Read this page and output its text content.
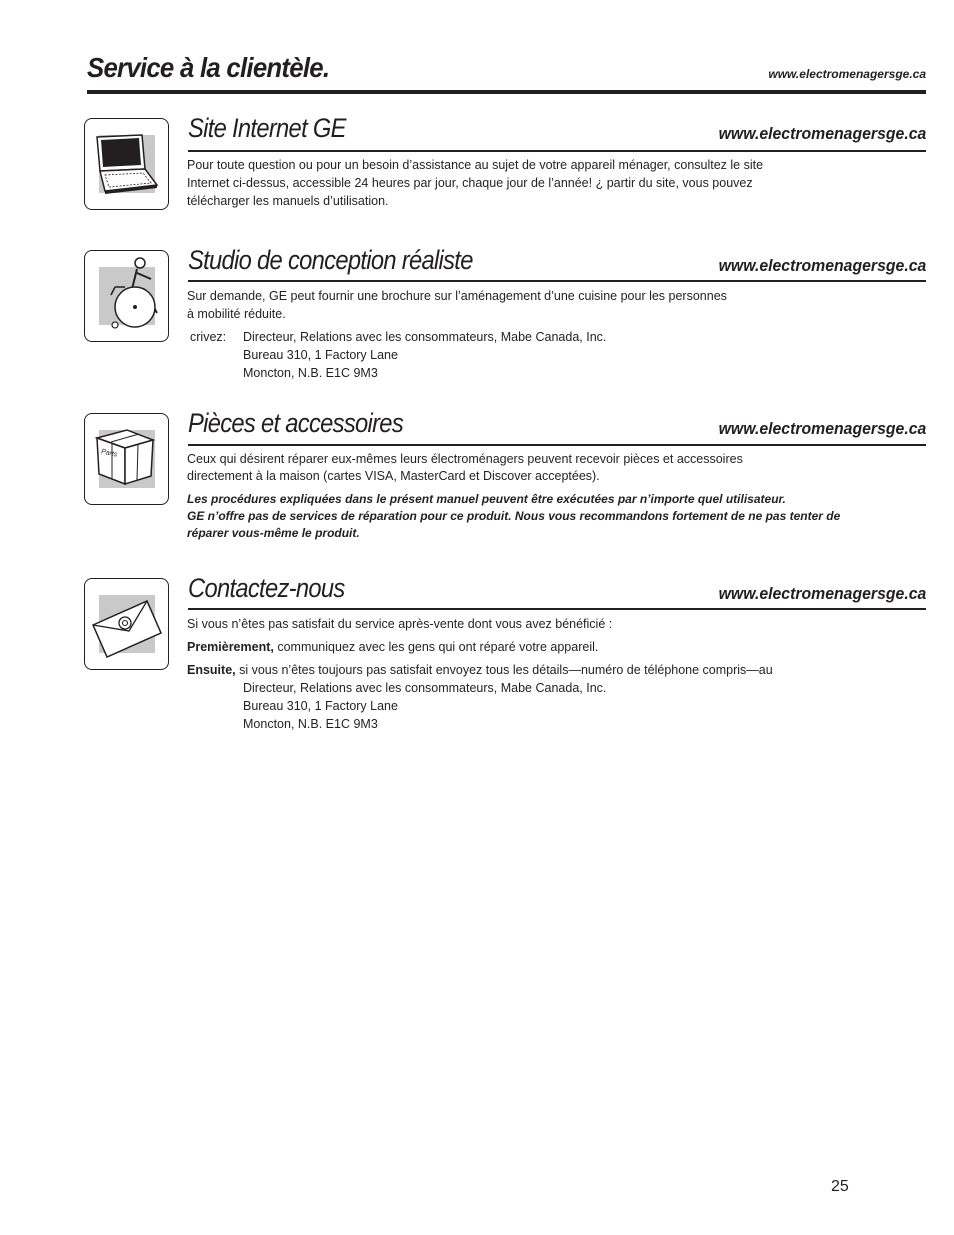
Service à la clientèle.	www.electromenagersge.ca
Site Internet GE	www.electromenagersge.ca

Pour toute question ou pour un besoin d’assistance au sujet de votre appareil ménager, consultez le site

Internet ci-dessus, accessible 24 heures par jour, chaque jour de l’année! ¿ partir du site, vous pouvez

télécharger les manuels d’utilisation.

Studio de conception réaliste	www.electromenagersge.ca

Sur demande, GE peut fournir une brochure sur l’aménagement d’une cuisine pour les personnes

à mobilité réduite.

crivez:	Directeur, Relations avec les consommateurs, Mabe Canada, Inc.

Bureau 310, 1 Factory Lane

Moncton, N.B. E1C 9M3

Parts
Pièces et accessoires	www.electromenagersge.ca

Ceux qui désirent réparer eux-mêmes leurs électroménagers peuvent recevoir pièces et accessoires

directement à la maison (cartes VISA, MasterCard et Discover acceptées).

Les procédures expliquées dans le présent manuel peuvent être exécutées par n’importe quel utilisateur.

GE n’offre pas de services de réparation pour ce produit. Nous vous recommandons fortement de ne pas tenter de

réparer vous-même le produit.

Contactez-nous	www.electromenagersge.ca

Si vous n’êtes pas satisfait du service après-vente dont vous avez bénéficié :

Premièrement, communiquez avec les gens qui ont réparé votre appareil.

Ensuite, si vous n’êtes toujours pas satisfait envoyez tous les détails—numéro de téléphone compris—au

Directeur, Relations avec les consommateurs, Mabe Canada, Inc.

Bureau 310, 1 Factory Lane

Moncton, N.B. E1C 9M3

25
